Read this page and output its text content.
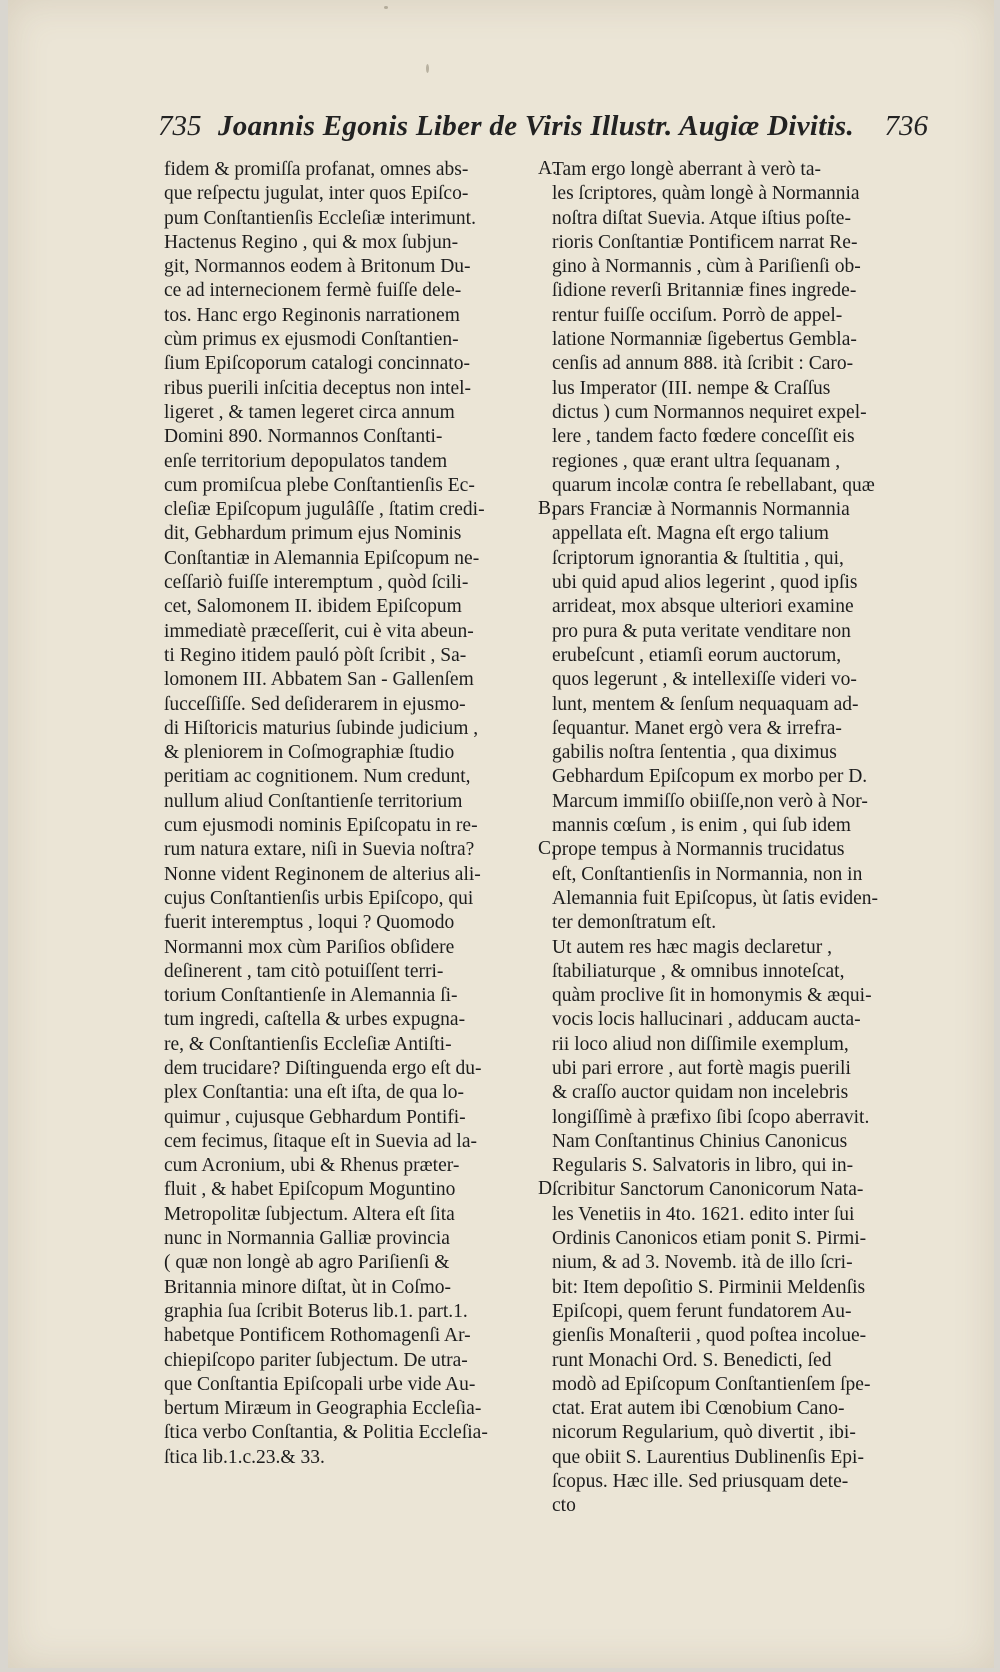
735 Joannis Egonis Liber de Viris Illustr. Augiæ Divitis. 736
fidem & promiſſa profanat, omnes abs-
que reſpectu jugulat, inter quos Epiſco-
pum Conſtantienſis Eccleſiæ interimunt.
Hactenus Regino , qui & mox ſubjun-
git, Normannos eodem à Britonum Du-
ce ad internecionem fermè fuiſſe dele-
tos. Hanc ergo Reginonis narrationem
cùm primus ex ejusmodi Conſtantien-
ſium Epiſcoporum catalogi concinnato-
ribus puerili inſcitia deceptus non intel-
ligeret , & tamen legeret circa annum
Domini 890. Normannos Conſtanti-
enſe territorium depopulatos tandem
cum promiſcua plebe Conſtantienſis Ec-
cleſiæ Epiſcopum jugulâſſe , ſtatim credi-
dit, Gebhardum primum ejus Nominis
Conſtantiæ in Alemannia Epiſcopum ne-
ceſſariò fuiſſe interemptum , quòd ſcili-
cet, Salomonem II. ibidem Epiſcopum
immediatè præceſſerit, cui è vita abeun-
ti Regino itidem pauló pòſt ſcribit , Sa-
lomonem III. Abbatem San - Gallenſem
ſucceſſiſſe. Sed deſiderarem in ejusmo-
di Hiſtoricis maturius ſubinde judicium ,
& pleniorem in Coſmographiæ ſtudio
peritiam ac cognitionem. Num credunt,
nullum aliud Conſtantienſe territorium
cum ejusmodi nominis Epiſcopatu in re-
rum natura extare, niſi in Suevia noſtra?
Nonne vident Reginonem de alterius ali-
cujus Conſtantienſis urbis Epiſcopo, qui
fuerit interemptus , loqui ? Quomodo
Normanni mox cùm Pariſios obſidere
deſinerent , tam citò potuiſſent terri-
torium Conſtantienſe in Alemannia ſi-
tum ingredi, caſtella & urbes expugna-
re, & Conſtantienſis Eccleſiæ Antiſti-
dem trucidare? Diſtinguenda ergo eſt du-
plex Conſtantia: una eſt iſta, de qua lo-
quimur , cujusque Gebhardum Pontifi-
cem fecimus, ſitaque eſt in Suevia ad la-
cum Acronium, ubi & Rhenus præter-
fluit , & habet Epiſcopum Moguntino
Metropolitæ ſubjectum. Altera eſt ſita
nunc in Normannia Galliæ provincia
( quæ non longè ab agro Pariſienſi &
Britannia minore diſtat, ùt in Coſmo-
graphia ſua ſcribit Boterus lib.1. part.1.
habetque Pontificem Rothomagenſi Ar-
chiepiſcopo pariter ſubjectum. De utra-
que Conſtantia Epiſcopali urbe vide Au-
bertum Miræum in Geographia Eccleſia-
ſtica verbo Conſtantia, & Politia Eccleſia-
ſtica lib.1.c.23.& 33.
Tam ergo longè aberrant à verò ta-
les ſcriptores, quàm longè à Normannia
noſtra diſtat Suevia. Atque iſtius poſte-
rioris Conſtantiæ Pontificem narrat Re-
gino à Normannis , cùm à Pariſienſi ob-
ſidione reverſi Britanniæ fines ingrede-
rentur fuiſſe occiſum. Porrò de appel-
latione Normanniæ ſigebertus Gembla-
cenſis ad annum 888. ità ſcribit : Caro-
lus Imperator (III. nempe & Craſſus
dictus ) cum Normannos nequiret expel-
lere , tandem facto fœdere conceſſit eis
regiones , quæ erant ultra ſequanam ,
quarum incolæ contra ſe rebellabant, quæ
pars Franciæ à Normannis Normannia
appellata eſt. Magna eſt ergo talium
ſcriptorum ignorantia & ſtultitia , qui,
ubi quid apud alios legerint , quod ipſis
arrideat, mox absque ulteriori examine
pro pura & puta veritate venditare non
erubeſcunt , etiamſi eorum auctorum,
quos legerunt , & intellexiſſe videri vo-
lunt, mentem & ſenſum nequaquam ad-
ſequantur. Manet ergò vera & irrefra-
gabilis noſtra ſententia , qua diximus
Gebhardum Epiſcopum ex morbo per D.
Marcum immiſſo obiiſſe,non verò à Nor-
mannis cœſum , is enim , qui ſub idem
prope tempus à Normannis trucidatus
eſt, Conſtantienſis in Normannia, non in
Alemannia fuit Epiſcopus, ùt ſatis eviden-
ter demonſtratum eſt.
Ut autem res hæc magis declaretur ,
ſtabiliaturque , & omnibus innoteſcat,
quàm proclive ſit in homonymis & æqui-
vocis locis hallucinari , adducam aucta-
rii loco aliud non diſſimile exemplum,
ubi pari errore , aut fortè magis puerili
& craſſo auctor quidam non incelebris
longiſſimè à præfixo ſibi ſcopo aberravit.
Nam Conſtantinus Chinius Canonicus
Regularis S. Salvatoris in libro, qui in-
ſcribitur Sanctorum Canonicorum Nata-
les Venetiis in 4to. 1621. edito inter ſui
Ordinis Canonicos etiam ponit S. Pirmi-
nium, & ad 3. Novemb. ità de illo ſcri-
bit: Item depoſitio S. Pirminii Meldenſis
Epiſcopi, quem ferunt fundatorem Au-
gienſis Monaſterii , quod poſtea incolue-
runt Monachi Ord. S. Benedicti, ſed
modò ad Epiſcopum Conſtantienſem ſpe-
ctat. Erat autem ibi Cœnobium Cano-
nicorum Regularium, quò divertit , ibi-
que obiit S. Laurentius Dublinenſis Epi-
ſcopus. Hæc ille. Sed priusquam dete-
cto
A.
B.
C.
D.
